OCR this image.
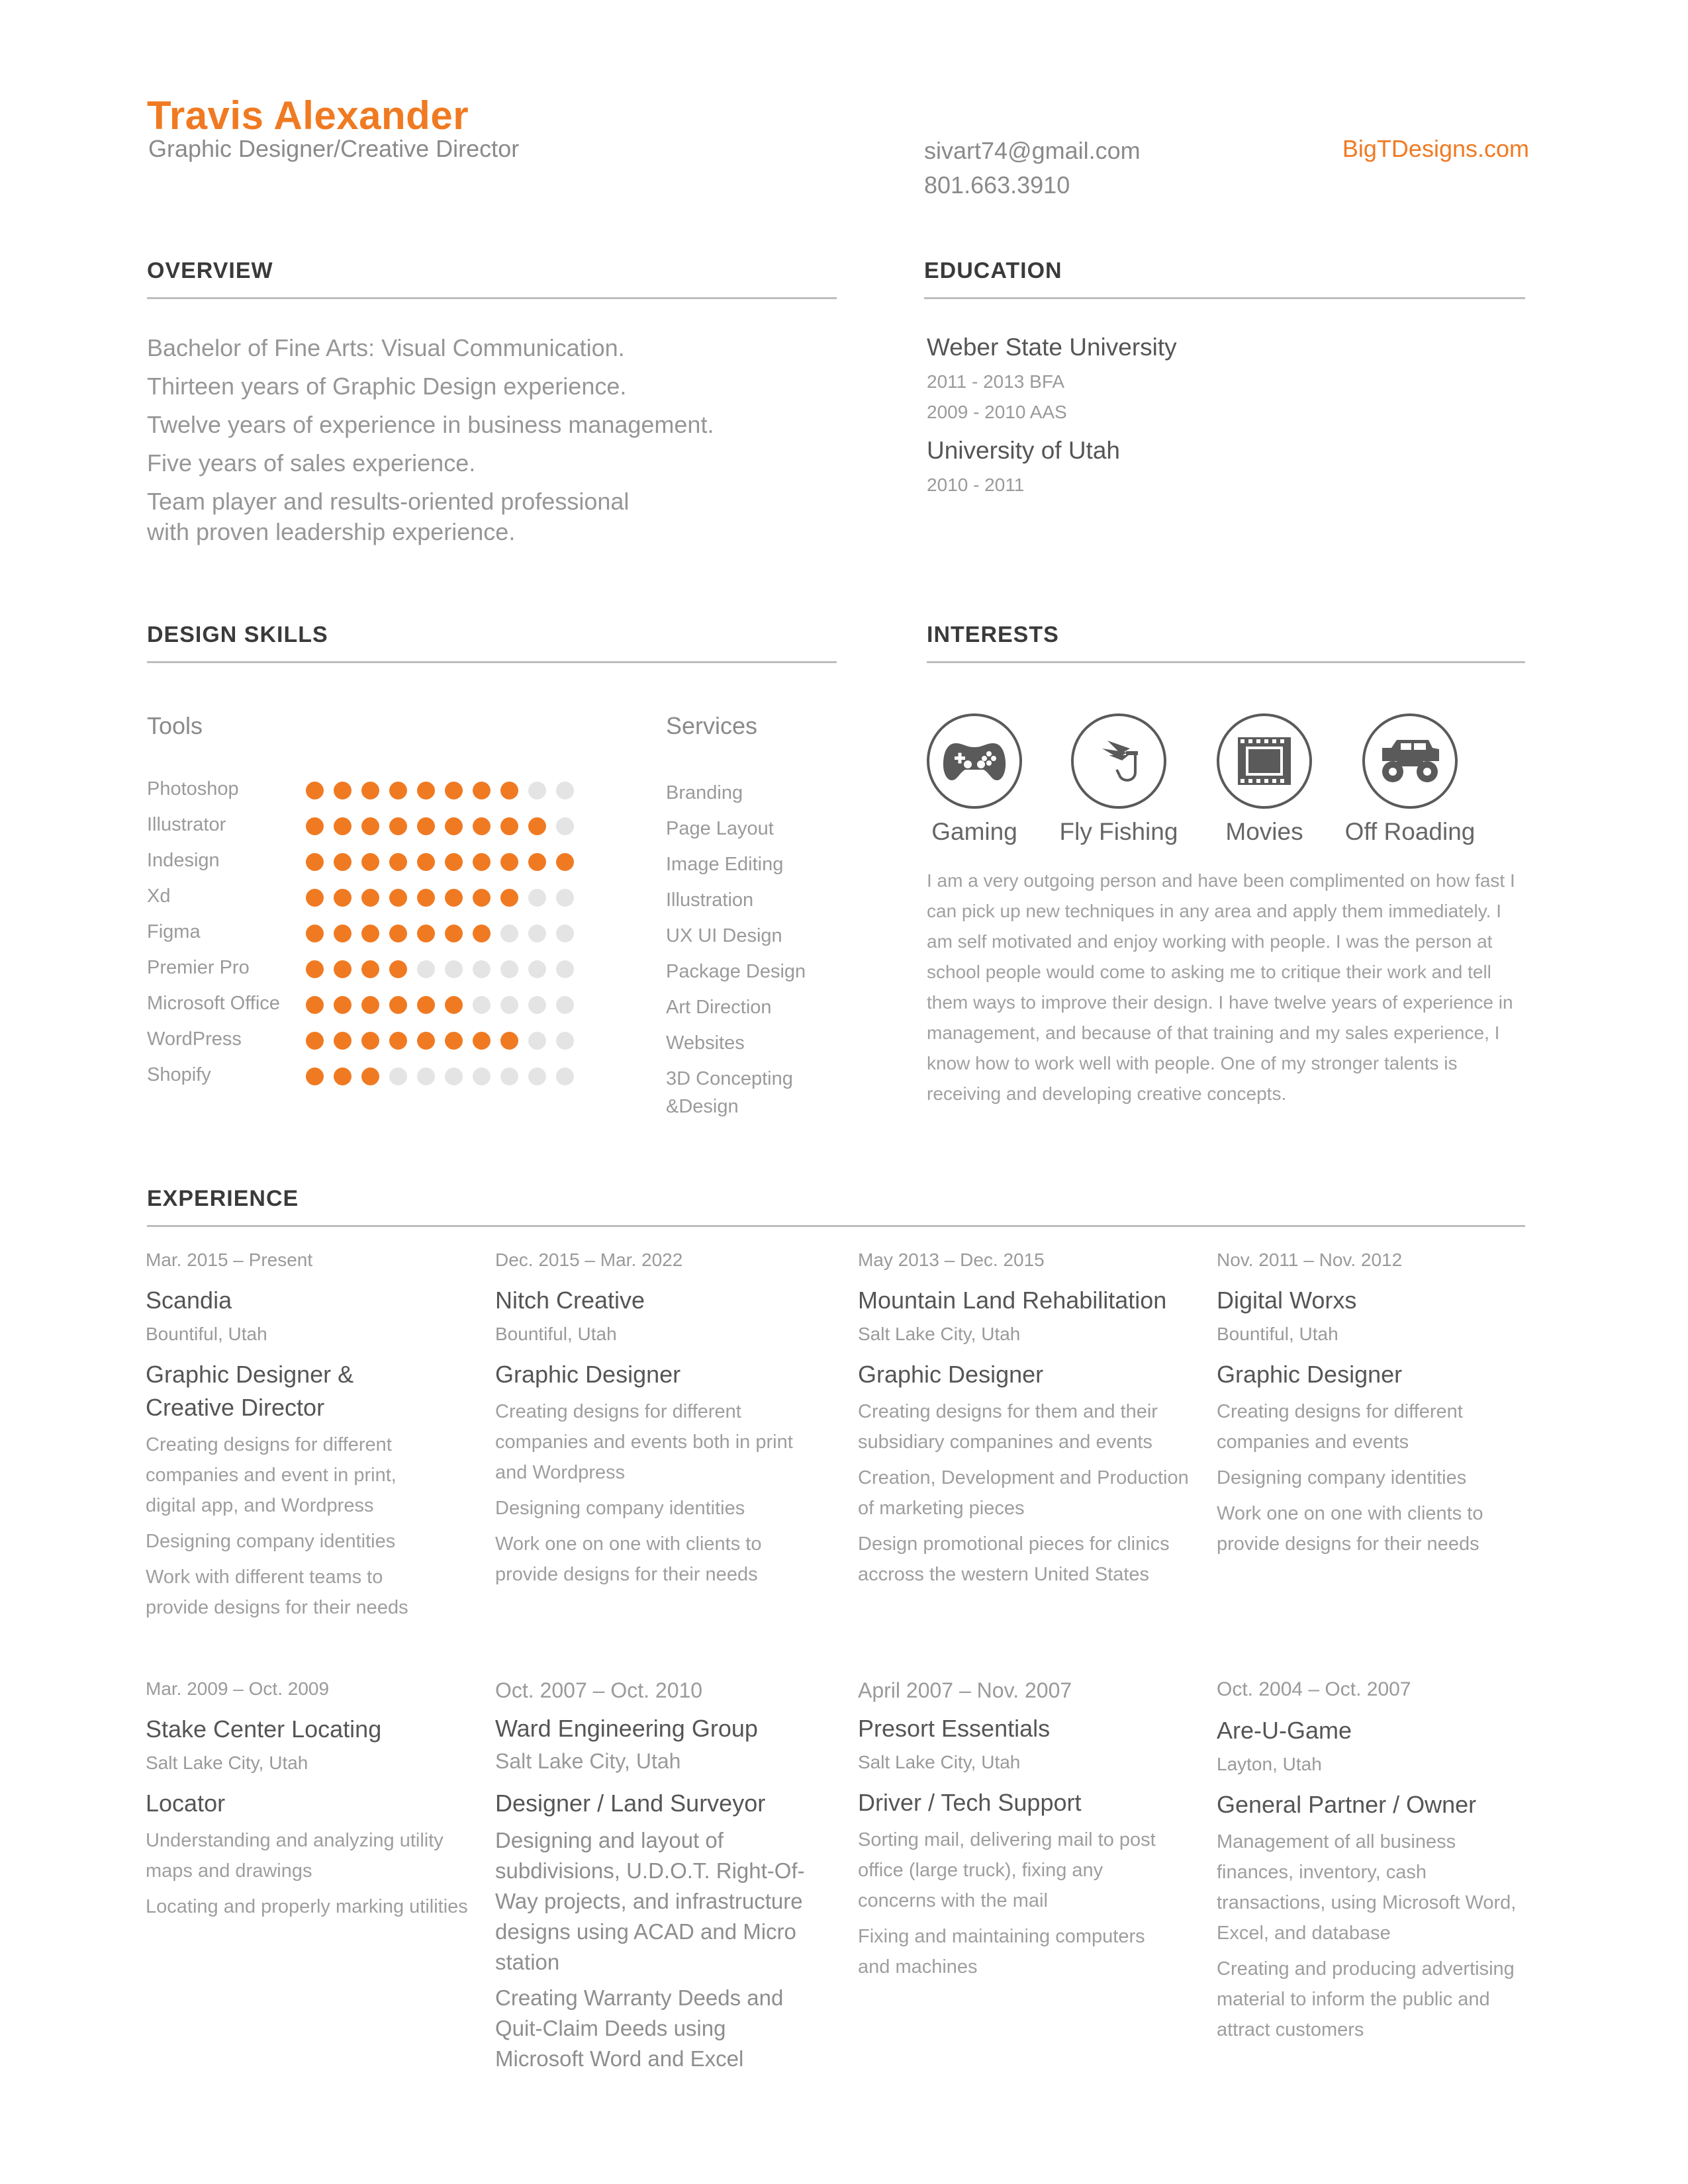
Travis Alexander
Graphic Designer/Creative Director	sivart74@gmail.com
801.663.3910
BigTDesigns.com
OVERVIEW
Bachelor of Fine Arts: Visual Communication.
Thirteen years of Graphic Design experience.
Twelve years of experience in business management.
Five years of sales experience.
Team player and results-oriented professional with proven leadership experience.
EDUCATION
Weber State University
2011 - 2013 BFA
2009 - 2010 AAS
University of Utah
2010 - 2011
DESIGN SKILLS
Tools	Services
Photoshop
Illustrator
Indesign
Xd
Figma
Premier Pro
Microsoft Office
WordPress
Shopify
Branding
Page Layout
Image Editing
Illustration
UX UI Design
Package Design
Art Direction
Websites
3D Concepting &Design
INTERESTS
Gaming	Fly Fishing	Movies	Off Roading
I am a very outgoing person and have been complimented on how fast I can pick up new techniques in any area and apply them immediately. I am self motivated and enjoy working with people. I was the person at school people would come to asking me to critique their work and tell them ways to improve their design. I have twelve years of experience in management, and because of that training and my sales experience, I know how to work well with people. One of my stronger talents is receiving and developing creative concepts.
EXPERIENCE
Mar. 2015 – Present
Scandia
Bountiful, Utah
Graphic Designer & Creative Director
Creating designs for different companies and event in print, digital app, and Wordpress
Designing company identities
Work with different teams to provide designs for their needs
Dec. 2015 – Mar. 2022
Nitch Creative
Bountiful, Utah
Graphic Designer
Creating designs for different companies and events both in print and Wordpress
Designing company identities
Work one on one with clients to provide designs for their needs
May 2013 – Dec. 2015
Mountain Land Rehabilitation
Salt Lake City, Utah
Graphic Designer
Creating designs for them and their subsidiary companines and events
Creation, Development and Production of marketing pieces
Design promotional pieces for clinics accross the western United States
Nov. 2011 – Nov. 2012
Digital Worxs
Bountiful, Utah
Graphic Designer
Creating designs for different companies and events
Designing company identities
Work one on one with clients to provide designs for their needs
Mar. 2009 – Oct. 2009
Stake Center Locating
Salt Lake City, Utah
Locator
Understanding and analyzing utility maps and drawings
Locating and properly marking utilities
Oct. 2007 – Oct. 2010
Ward Engineering Group
Salt Lake City, Utah
Designer / Land Surveyor
Designing and layout of subdivisions, U.D.O.T. Right-Of-Way projects, and infrastructure designs using ACAD and Micro station
Creating Warranty Deeds and Quit-Claim Deeds using Microsoft Word and Excel
April 2007 – Nov. 2007
Presort Essentials
Salt Lake City, Utah
Driver / Tech Support
Sorting mail, delivering mail to post office (large truck), fixing any concerns with the mail
Fixing and maintaining computers and machines
Oct. 2004 – Oct. 2007
Are-U-Game
Layton, Utah
General Partner / Owner
Management of all business finances, inventory, cash transactions, using Microsoft Word, Excel, and database
Creating and producing advertising material to inform the public and attract customers
